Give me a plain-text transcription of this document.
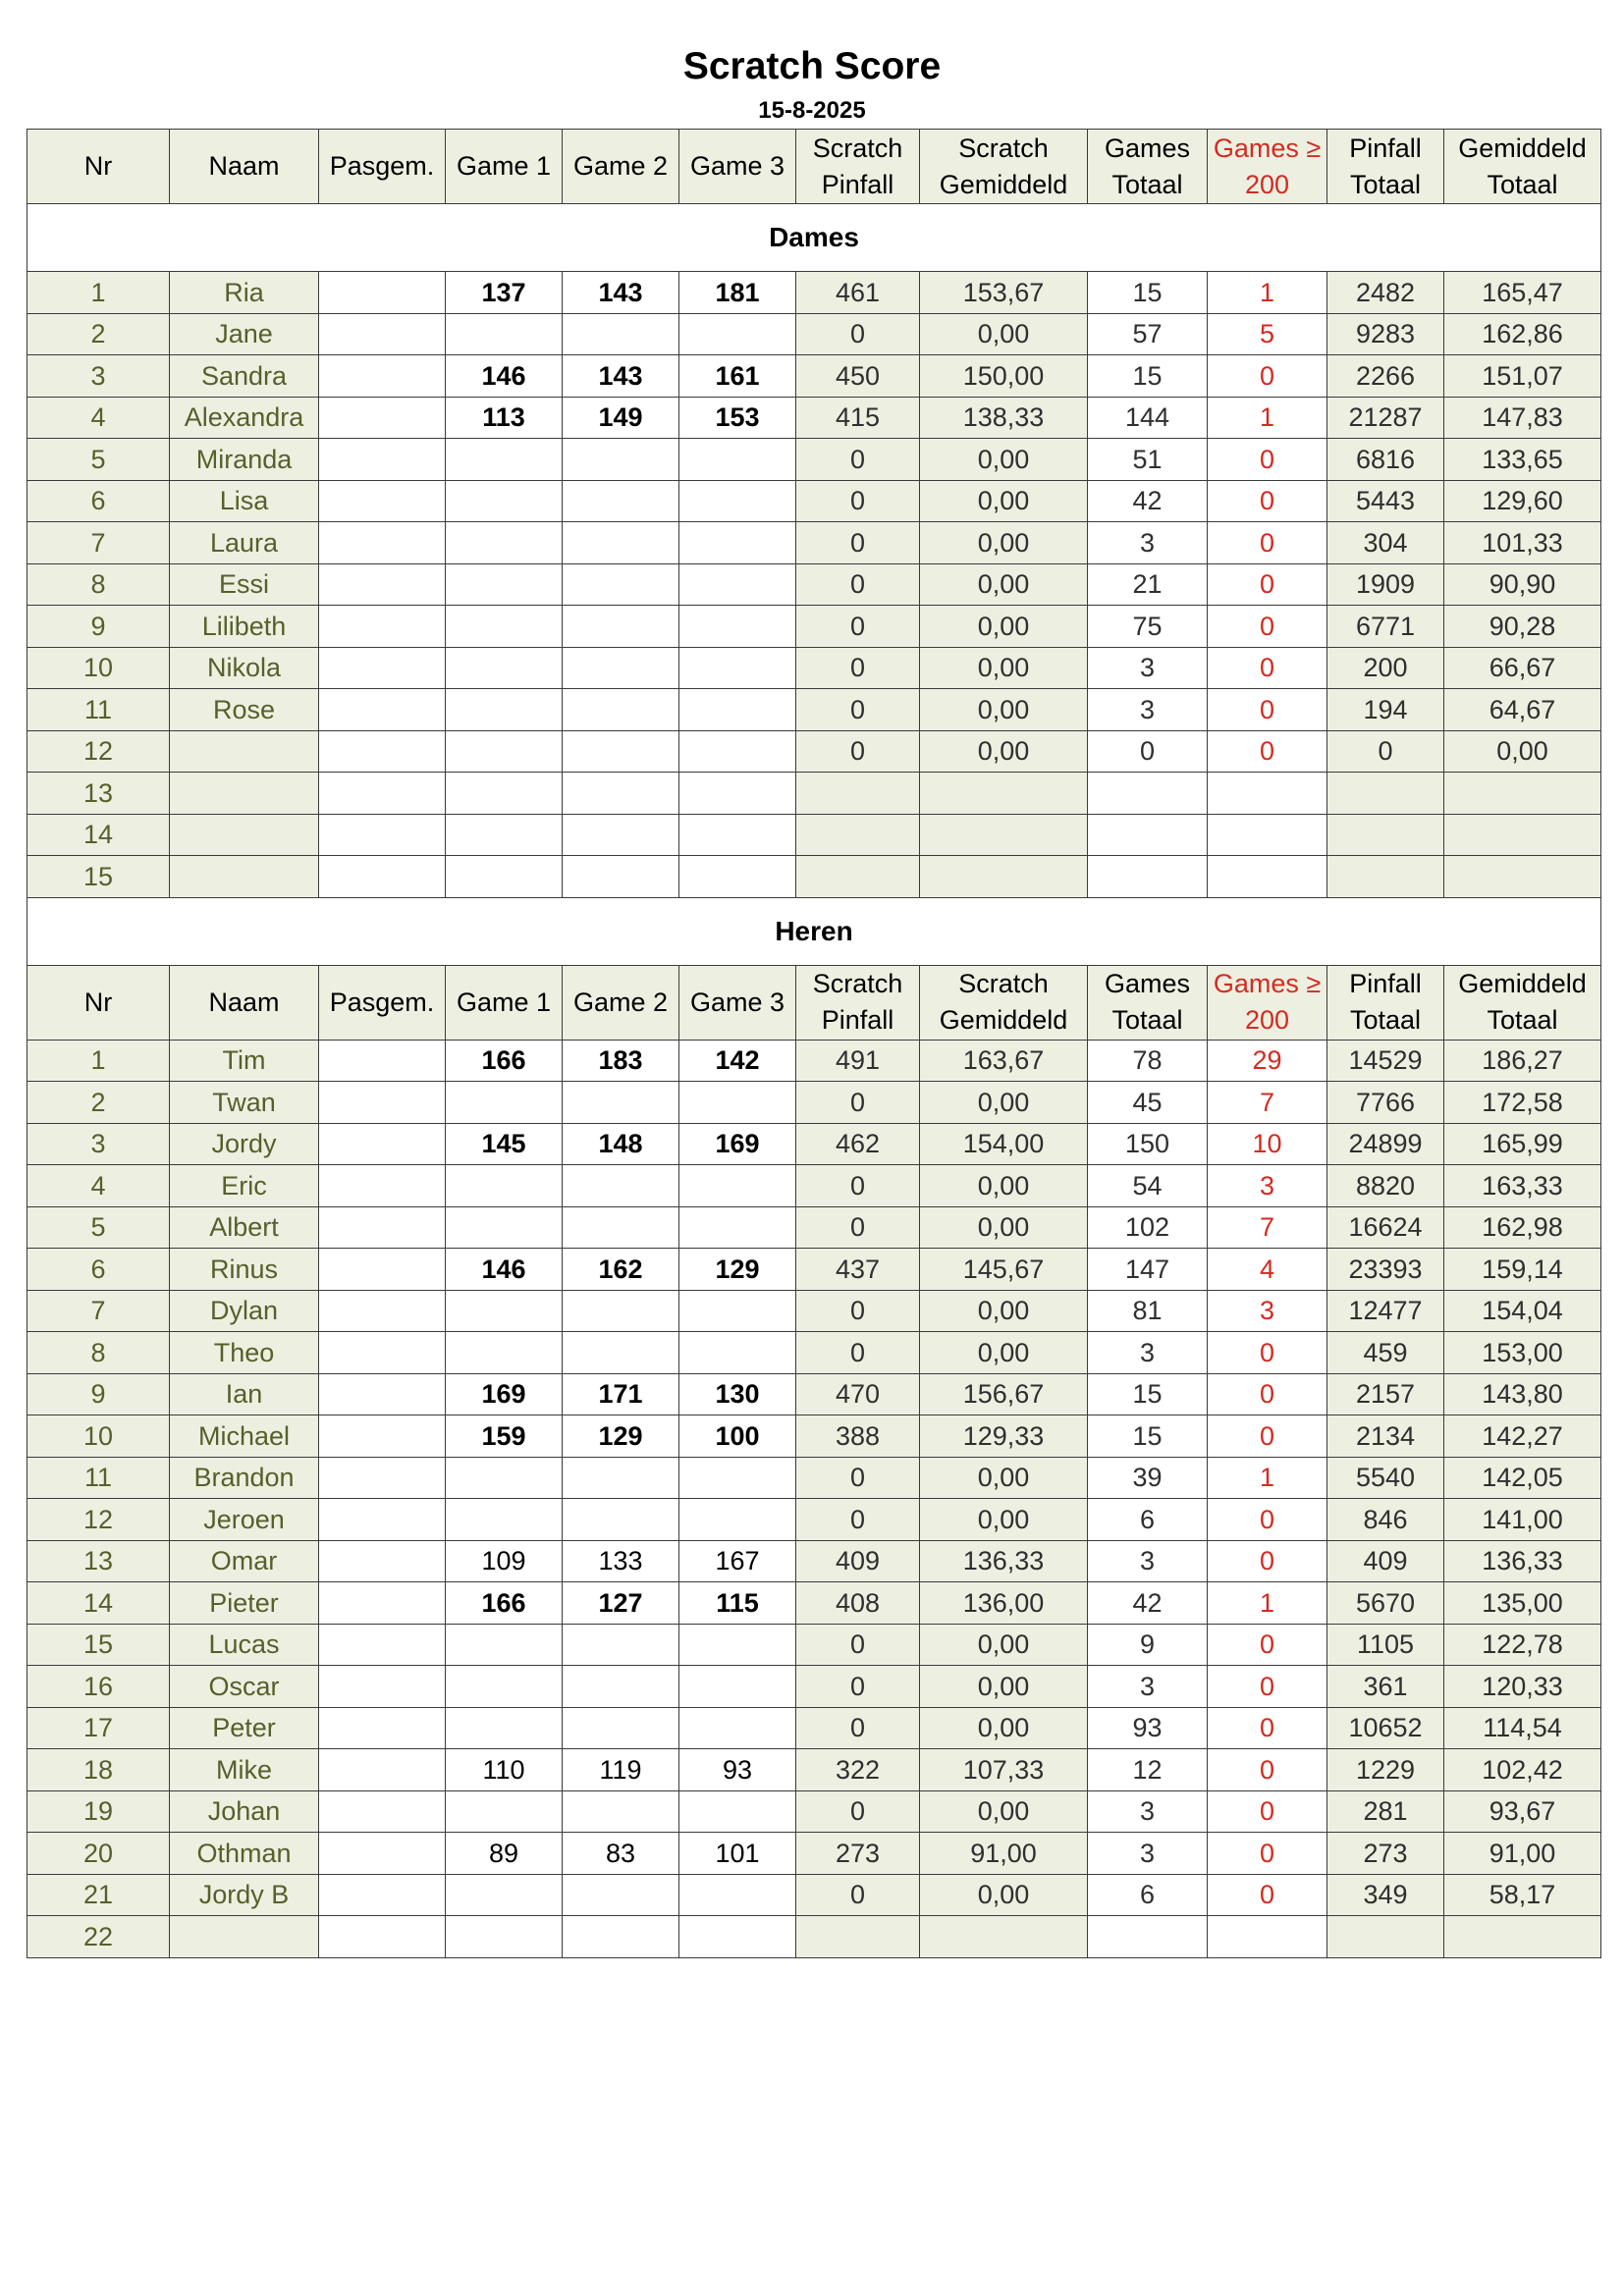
Scratch Score
15-8-2025
Nr	Naam	Pasgem.	Game 1	Game 2	Game 3	Scratch Pinfall	Scratch Gemiddeld	Games Totaal	Games ≥ 200	Pinfall Totaal	Gemiddeld Totaal
Dames											
1	Ria		137	143	181	461	153,67	15	1	2482	165,47
2	Jane					0	0,00	57	5	9283	162,86
3	Sandra		146	143	161	450	150,00	15	0	2266	151,07
4	Alexandra		113	149	153	415	138,33	144	1	21287	147,83
5	Miranda					0	0,00	51	0	6816	133,65
6	Lisa					0	0,00	42	0	5443	129,60
7	Laura					0	0,00	3	0	304	101,33
8	Essi					0	0,00	21	0	1909	90,90
9	Lilibeth					0	0,00	75	0	6771	90,28
10	Nikola					0	0,00	3	0	200	66,67
11	Rose					0	0,00	3	0	194	64,67
12						0	0,00	0	0	0	0,00
13											
14											
15											
Heren											
Nr	Naam	Pasgem.	Game 1	Game 2	Game 3	Scratch Pinfall	Scratch Gemiddeld	Games Totaal	Games ≥ 200	Pinfall Totaal	Gemiddeld Totaal
1	Tim		166	183	142	491	163,67	78	29	14529	186,27
2	Twan					0	0,00	45	7	7766	172,58
3	Jordy		145	148	169	462	154,00	150	10	24899	165,99
4	Eric					0	0,00	54	3	8820	163,33
5	Albert					0	0,00	102	7	16624	162,98
6	Rinus		146	162	129	437	145,67	147	4	23393	159,14
7	Dylan					0	0,00	81	3	12477	154,04
8	Theo					0	0,00	3	0	459	153,00
9	Ian		169	171	130	470	156,67	15	0	2157	143,80
10	Michael		159	129	100	388	129,33	15	0	2134	142,27
11	Brandon					0	0,00	39	1	5540	142,05
12	Jeroen					0	0,00	6	0	846	141,00
13	Omar		109	133	167	409	136,33	3	0	409	136,33
14	Pieter		166	127	115	408	136,00	42	1	5670	135,00
15	Lucas					0	0,00	9	0	1105	122,78
16	Oscar					0	0,00	3	0	361	120,33
17	Peter					0	0,00	93	0	10652	114,54
18	Mike		110	119	93	322	107,33	12	0	1229	102,42
19	Johan					0	0,00	3	0	281	93,67
20	Othman		89	83	101	273	91,00	3	0	273	91,00
21	Jordy B					0	0,00	6	0	349	58,17
22											
